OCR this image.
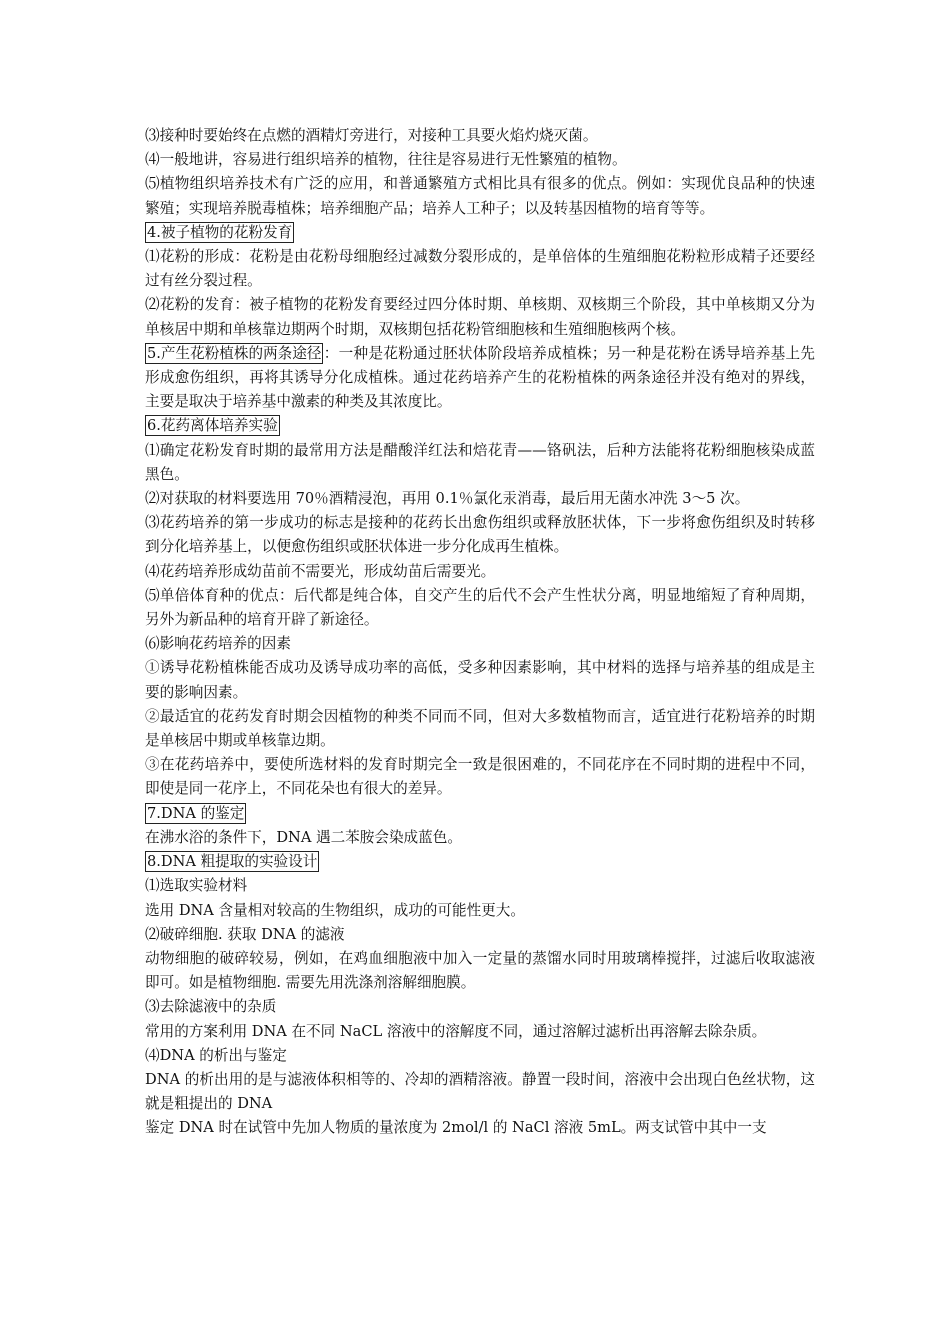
⑶接种时要始终在点燃的酒精灯旁进行，对接种工具要火焰灼烧灭菌。

⑷一般地讲，容易进行组织培养的植物，往往是容易进行无性繁殖的植物。

⑸植物组织培养技术有广泛的应用，和普通繁殖方式相比具有很多的优点。例如：实现优良品种的快速繁殖；实现培养脱毒植株；培养细胞产品；培养人工种子；以及转基因植物的培育等等。

4.被子植物的花粉发育

⑴花粉的形成：花粉是由花粉母细胞经过减数分裂形成的，是单倍体的生殖细胞花粉粒形成精子还要经过有丝分裂过程。

⑵花粉的发育：被子植物的花粉发育要经过四分体时期、单核期、双核期三个阶段，其中单核期又分为单核居中期和单核靠边期两个时期，双核期包括花粉管细胞核和生殖细胞核两个核。

5.产生花粉植株的两条途径 ：一种是花粉通过胚状体阶段培养成植株；另一种是花粉在诱导培养基上先形成愈伤组织，再将其诱导分化成植株。通过花药培养产生的花粉植株的两条途径并没有绝对的界线，主要是取决于培养基中激素的种类及其浓度比。

6.花药离体培养实验

⑴确定花粉发育时期的最常用方法是醋酸洋红法和焙花青——铬矾法，后种方法能将花粉细胞核染成蓝黑色。

⑵对获取的材料要选用 70％酒精浸泡，再用 0.1％氯化汞消毒，最后用无菌水冲洗 3～5 次。

⑶花药培养的第一步成功的标志是接种的花药长出愈伤组织或释放胚状体，下一步将愈伤组织及时转移到分化培养基上，以便愈伤组织或胚状体进一步分化成再生植株。

⑷花药培养形成幼苗前不需要光，形成幼苗后需要光。

⑸单倍体育种的优点：后代都是纯合体，自交产生的后代不会产生性状分离，明显地缩短了育种周期，另外为新品种的培育开辟了新途径。

⑹影响花药培养的因素

①诱导花粉植株能否成功及诱导成功率的高低，受多种因素影响，其中材料的选择与培养基的组成是主要的影响因素。

②最适宜的花药发育时期会因植物的种类不同而不同，但对大多数植物而言，适宜进行花粉培养的时期是单核居中期或单核靠边期。

③在花药培养中，要使所选材料的发育时期完全一致是很困难的，不同花序在不同时期的进程中不同，即使是同一花序上，不同花朵也有很大的差异。

7.DNA 的鉴定

在沸水浴的条件下，DNA 遇二苯胺会染成蓝色。

8.DNA 粗提取的实验设计

⑴选取实验材料

选用 DNA 含量相对较高的生物组织，成功的可能性更大。

⑵破碎细胞. 获取 DNA 的滤液

动物细胞的破碎较易，例如，在鸡血细胞液中加入一定量的蒸馏水同时用玻璃棒搅拌，过滤后收取滤液即可。如是植物细胞. 需要先用洗涤剂溶解细胞膜。

⑶去除滤液中的杂质

常用的方案利用 DNA 在不同 NaCL 溶液中的溶解度不同，通过溶解过滤析出再溶解去除杂质。

⑷DNA 的析出与鉴定

DNA 的析出用的是与滤液体积相等的、冷却的酒精溶液。静置一段时间，溶液中会出现白色丝状物，这就是粗提出的 DNA

鉴定 DNA 时在试管中先加人物质的量浓度为 2mol/l 的 NaCl 溶液 5mL。两支试管中其中一支
